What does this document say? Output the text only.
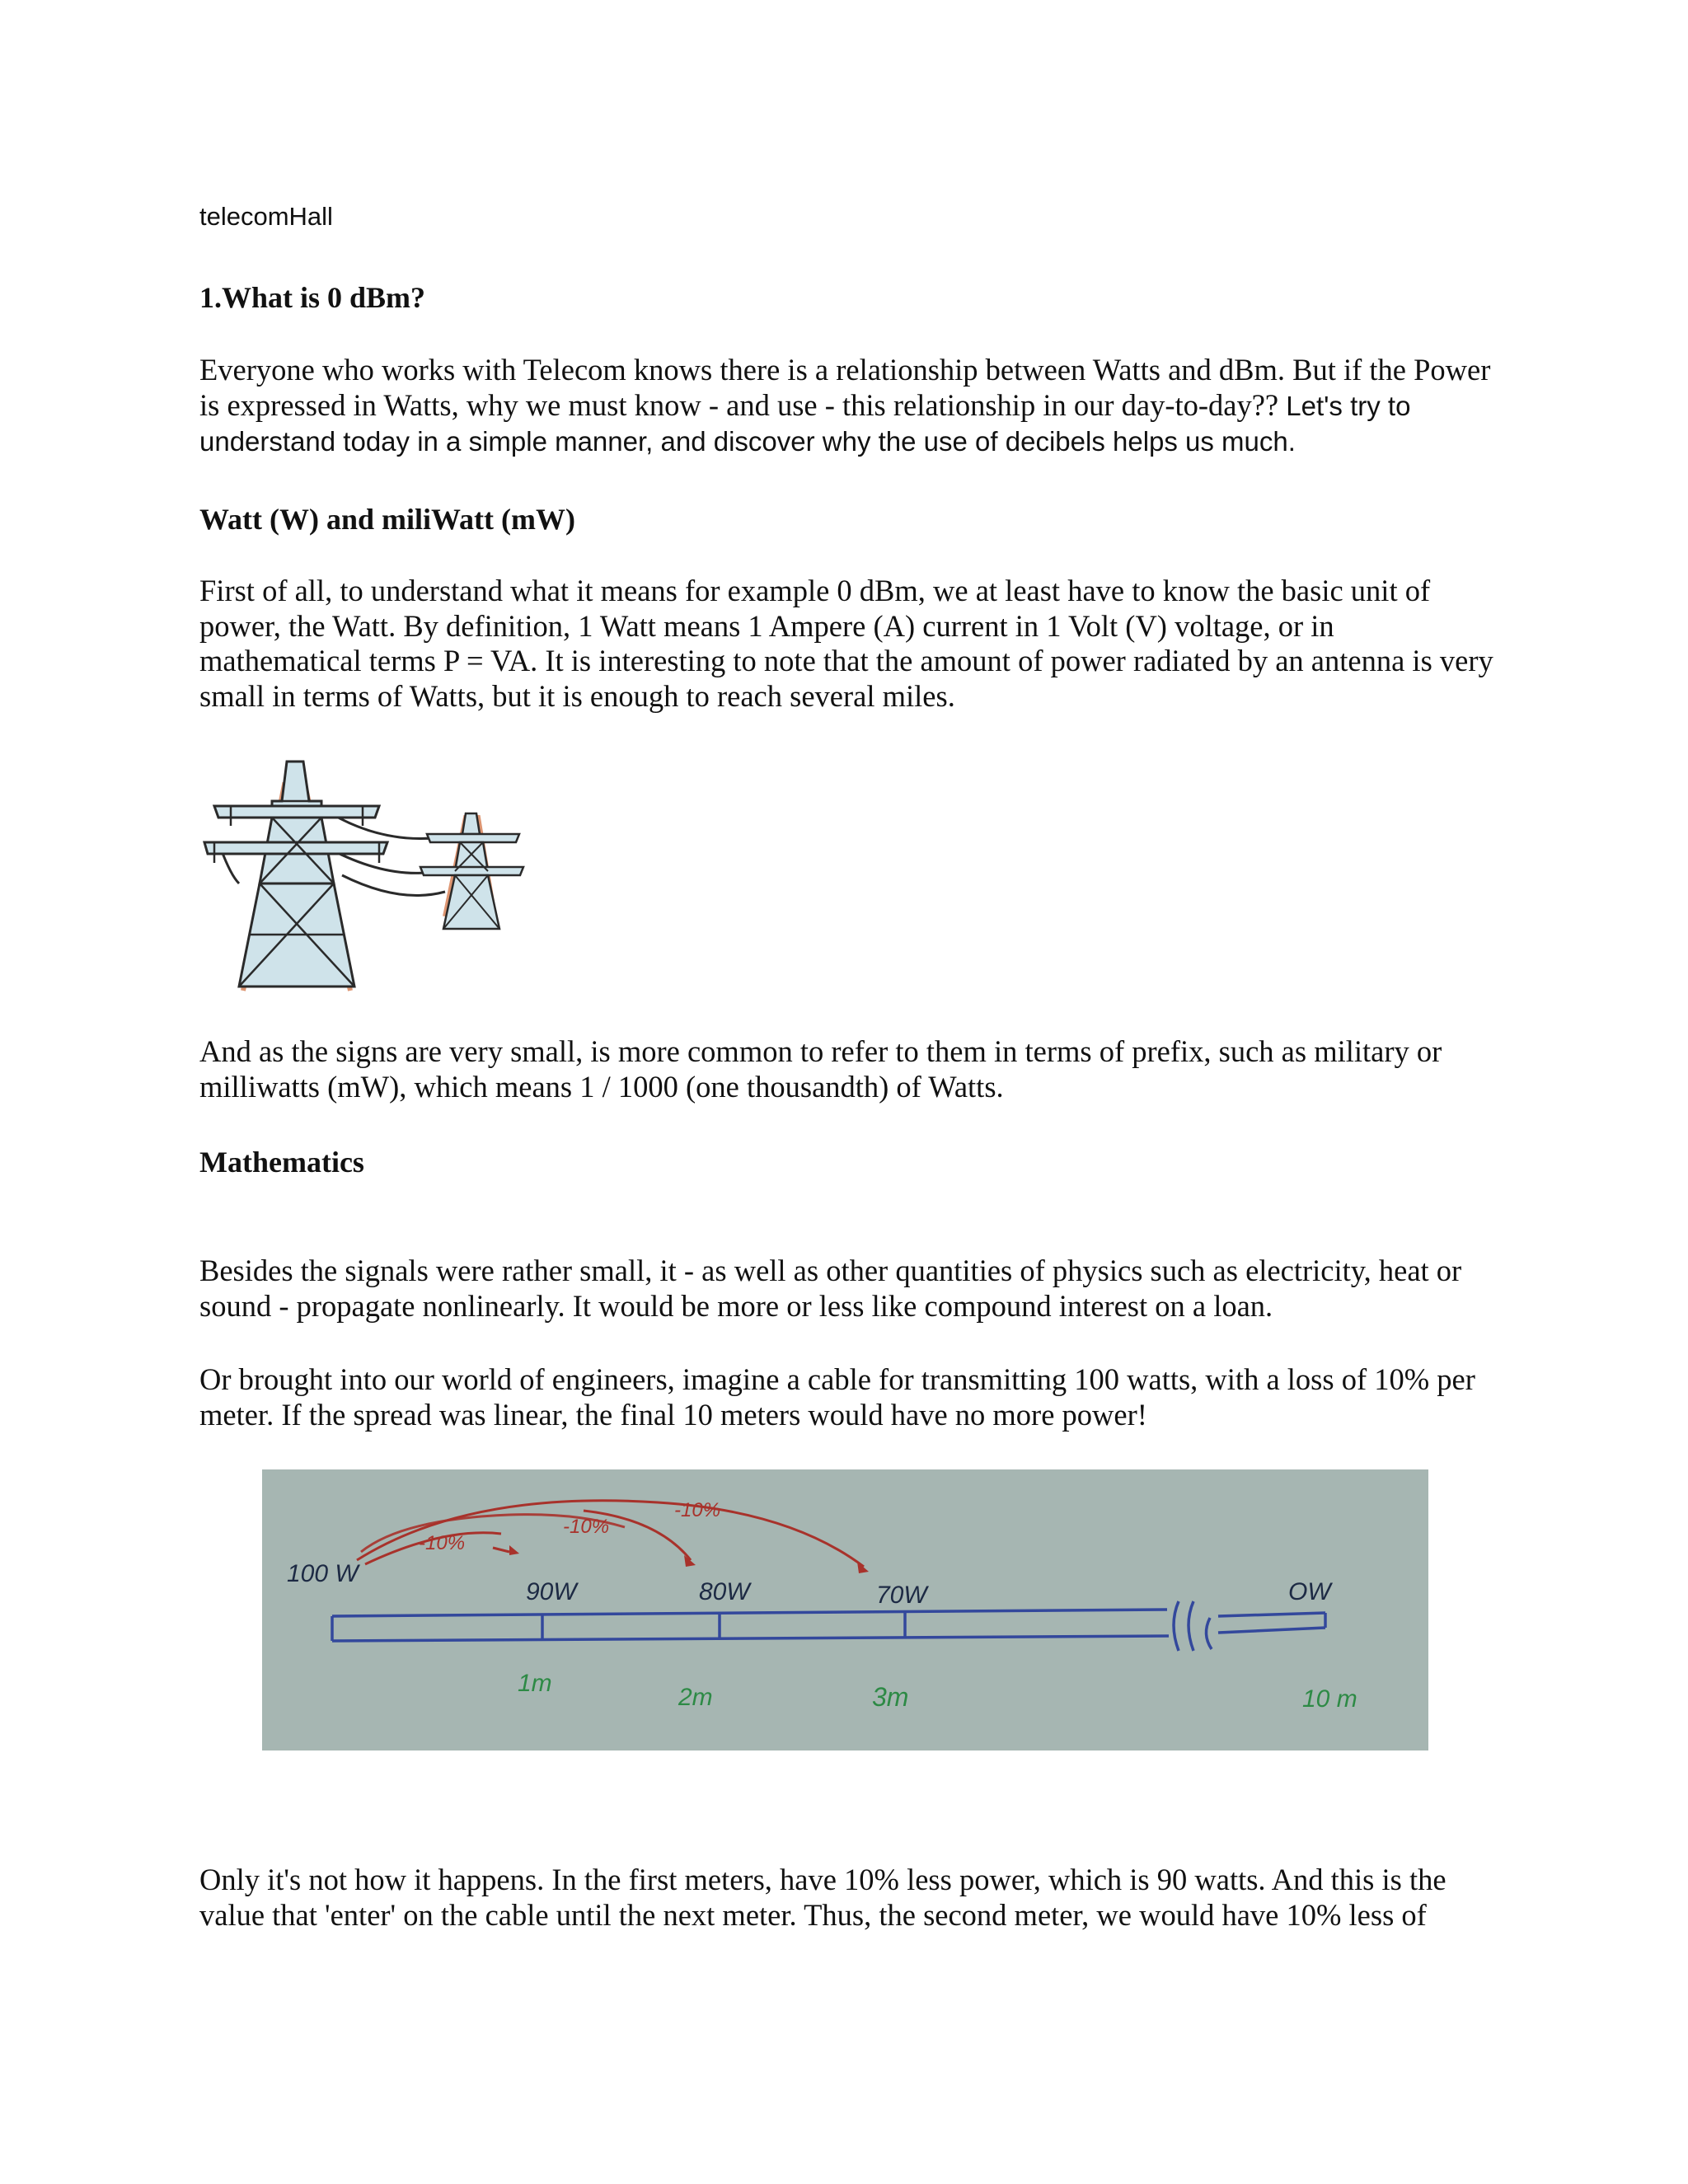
telecomHall

1.What is 0 dBm?

Everyone who works with Telecom knows there is a relationship between Watts and dBm. But if the Power is expressed in Watts, why we must know - and use - this relationship in our day-to-day?? Let's try to understand today in a simple manner, and discover why the use of decibels helps us much.

Watt (W) and miliWatt (mW)

First of all, to understand what it means for example 0 dBm, we at least have to know the basic unit of power, the Watt. By definition, 1 Watt means 1 Ampere (A) current in 1 Volt (V) voltage, or in mathematical terms P = VA. It is interesting to note that the amount of power radiated by an antenna is very small in terms of Watts, but it is enough to reach several miles.

And as the signs are very small, is more common to refer to them in terms of prefix, such as military or milliwatts (mW), which means 1 / 1000 (one thousandth) of Watts.

Mathematics

Besides the signals were rather small, it - as well as other quantities of physics such as electricity, heat or sound - propagate nonlinearly. It would be more or less like compound interest on a loan.

Or brought into our world of engineers, imagine a cable for transmitting 100 watts, with a loss of 10% per meter. If the spread was linear, the final 10 meters would have no more power!

100 W
90W	80W	70W	OW
-10%
-10%
-10%
1m
2m	3m	10 m

Only it's not how it happens. In the first meters, have 10% less power, which is 90 watts. And this is the value that 'enter' on the cable until the next meter. Thus, the second meter, we would have 10% less of
